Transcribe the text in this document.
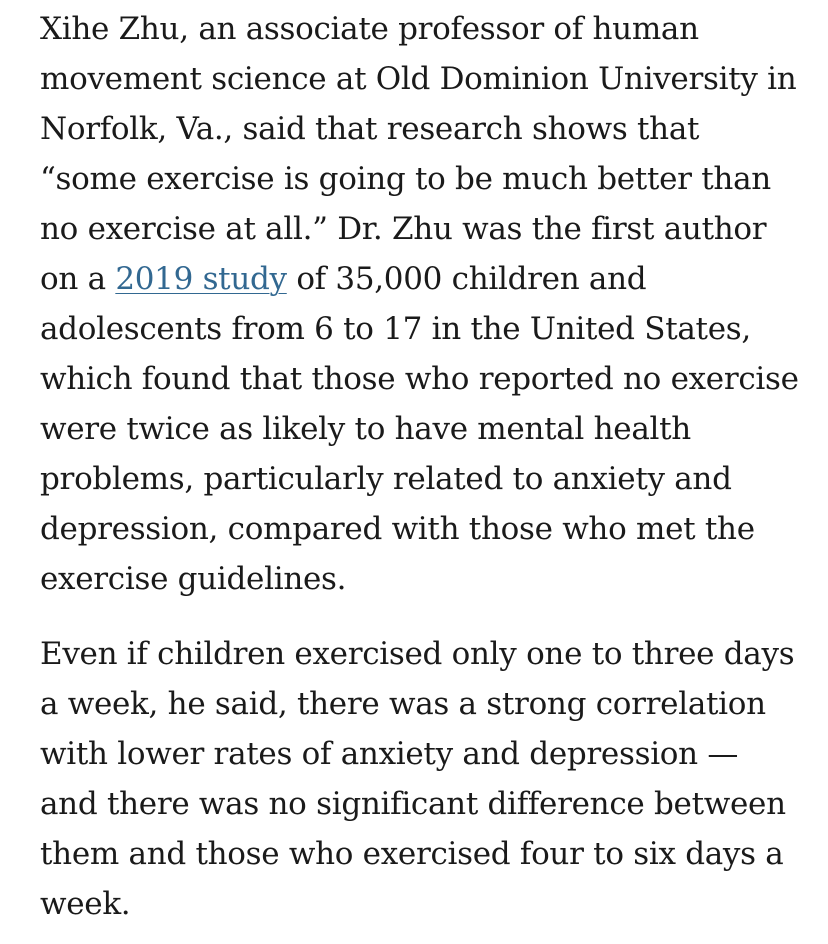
Xihe Zhu, an associate professor of human movement science at Old Dominion University in Norfolk, Va., said that research shows that “some exercise is going to be much better than no exercise at all.” Dr. Zhu was the first author on a 2019 study of 35,000 children and adolescents from 6 to 17 in the United States, which found that those who reported no exercise were twice as likely to have mental health problems, particularly related to anxiety and depression, compared with those who met the exercise guidelines.

Even if children exercised only one to three days a week, he said, there was a strong correlation with lower rates of anxiety and depression — and there was no significant difference between them and those who exercised four to six days a week.
